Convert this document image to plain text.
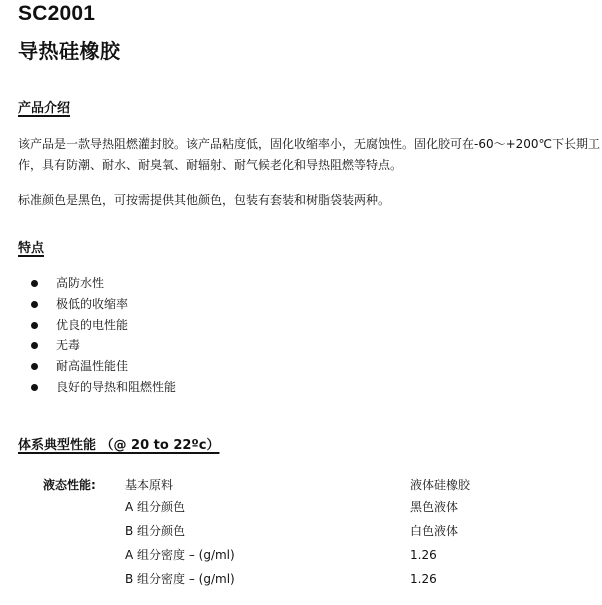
SC2001
导热硅橡胶
产品介绍
该产品是一款导热阻燃灌封胶。该产品粘度低，固化收缩率小，无腐蚀性。固化胶可在-60～+200℃下长期工
作，具有防潮、耐水、耐臭氧、耐辐射、耐气候老化和导热阻燃等特点。
标准颜色是黑色，可按需提供其他颜色，包装有套装和树脂袋装两种。
特点
高防水性
极低的收缩率
优良的电性能
无毒
耐高温性能佳
良好的导热和阻燃性能
体系典型性能 （@ 20 to 22ºc）
液态性能: 基本原料	液体硅橡胶
A 组分颜色	黑色液体
B 组分颜色	白色液体
A 组分密度 – (g/ml)	1.26
B 组分密度 – (g/ml)	1.26
